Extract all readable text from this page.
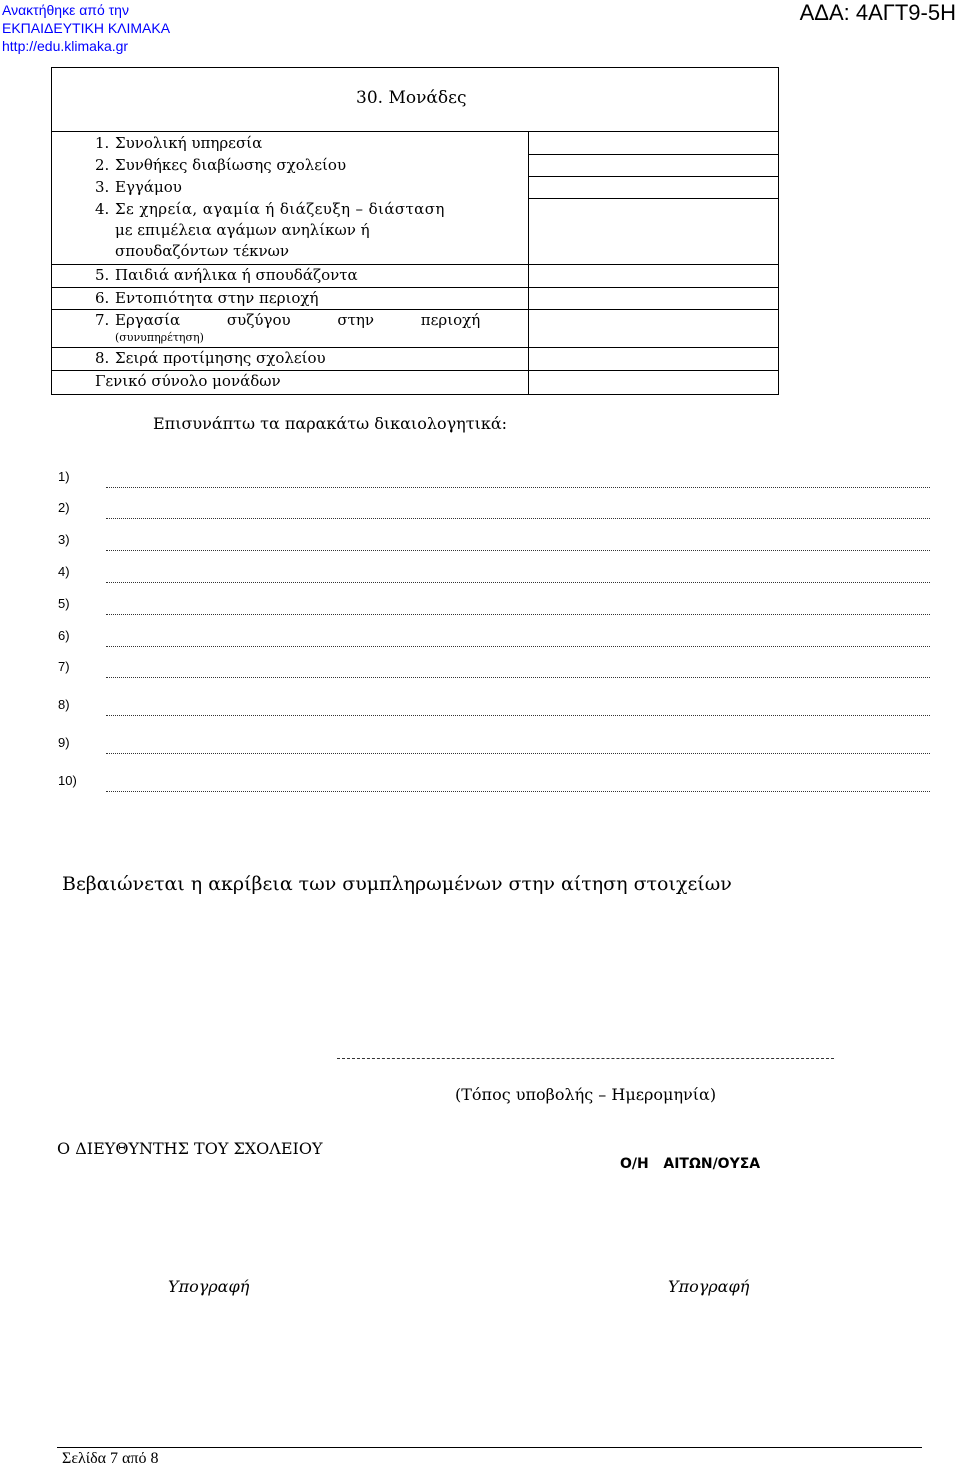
Ανακτήθηκε από την
ΕΚΠΑΙΔΕΥΤΙΚΗ ΚΛΙΜΑΚΑ
http://edu.klimaka.gr
ΑΔΑ: 4ΑΓΤ9-5Η
30. Μονάδες
1. Συνολική υπηρεσία
2. Συνθήκες διαβίωσης σχολείου
3. Εγγάμου
4. Σε χηρεία, αγαμία ή διάζευξη – διάσταση
με επιμέλεια αγάμων ανηλίκων ή
σπουδαζόντων τέκνων
5. Παιδιά ανήλικα ή σπουδάζοντα
6. Εντοπιότητα στην περιοχή
7. Εργασία συζύγου στην περιοχή
(συνυπηρέτηση)
8. Σειρά προτίμησης σχολείου
Γενικό σύνολο μονάδων
Επισυνάπτω τα παρακάτω δικαιολογητικά:
1)
2)
3)
4)
5)
6)
7)
8)
9)
10)
Βεβαιώνεται η ακρίβεια των συμπληρωμένων στην αίτηση στοιχείων
(Τόπος υποβολής – Ημερομηνία)
Ο ΔΙΕΥΘΥΝΤΗΣ ΤΟΥ ΣΧΟΛΕΙΟΥ
Ο/Η   ΑΙΤΩΝ/ΟΥΣΑ
Υπογραφή	Υπογραφή
Σελίδα 7 από 8
